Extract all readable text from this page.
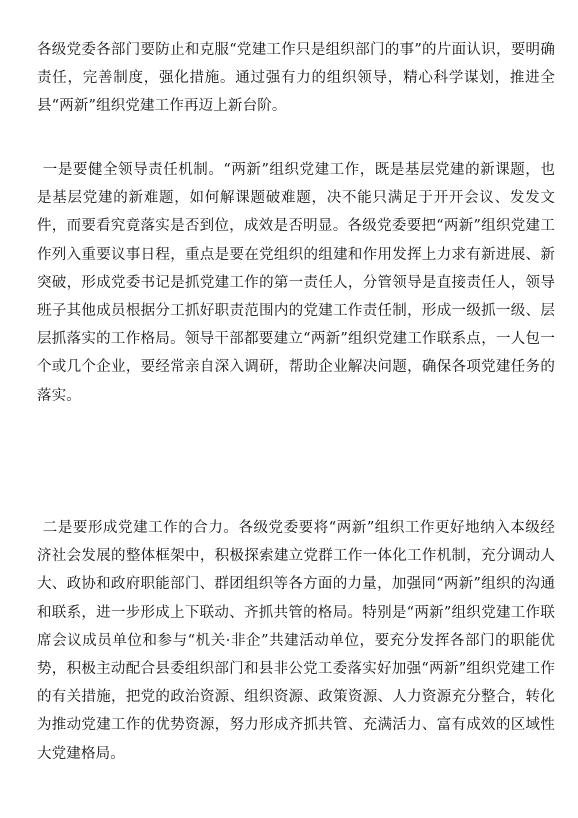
各级党委各部门要防止和克服“党建工作只是组织部门的事”的片面认识，要明确责任，完善制度，强化措施。通过强有力的组织领导，精心科学谋划，推进全县“两新”组织党建工作再迈上新台阶。

一是要健全领导责任机制。“两新”组织党建工作，既是基层党建的新课题，也是基层党建的新难题，如何解课题破难题，决不能只满足于开开会议、发发文件，而要看究竟落实是否到位，成效是否明显。各级党委要把“两新”组织党建工作列入重要议事日程，重点是要在党组织的组建和作用发挥上力求有新进展、新突破，形成党委书记是抓党建工作的第一责任人，分管领导是直接责任人，领导班子其他成员根据分工抓好职责范围内的党建工作责任制，形成一级抓一级、层层抓落实的工作格局。领导干部都要建立“两新”组织党建工作联系点，一人包一个或几个企业，要经常亲自深入调研，帮助企业解决问题，确保各项党建任务的落实。

二是要形成党建工作的合力。各级党委要将“两新”组织工作更好地纳入本级经济社会发展的整体框架中，积极探索建立党群工作一体化工作机制，充分调动人大、政协和政府职能部门、群团组织等各方面的力量，加强同“两新”组织的沟通和联系，进一步形成上下联动、齐抓共管的格局。特别是“两新”组织党建工作联席会议成员单位和参与“机关·非企”共建活动单位，要充分发挥各部门的职能优势，积极主动配合县委组织部门和县非公党工委落实好加强“两新”组织党建工作的有关措施，把党的政治资源、组织资源、政策资源、人力资源充分整合，转化为推动党建工作的优势资源，努力形成齐抓共管、充满活力、富有成效的区域性大党建格局。
